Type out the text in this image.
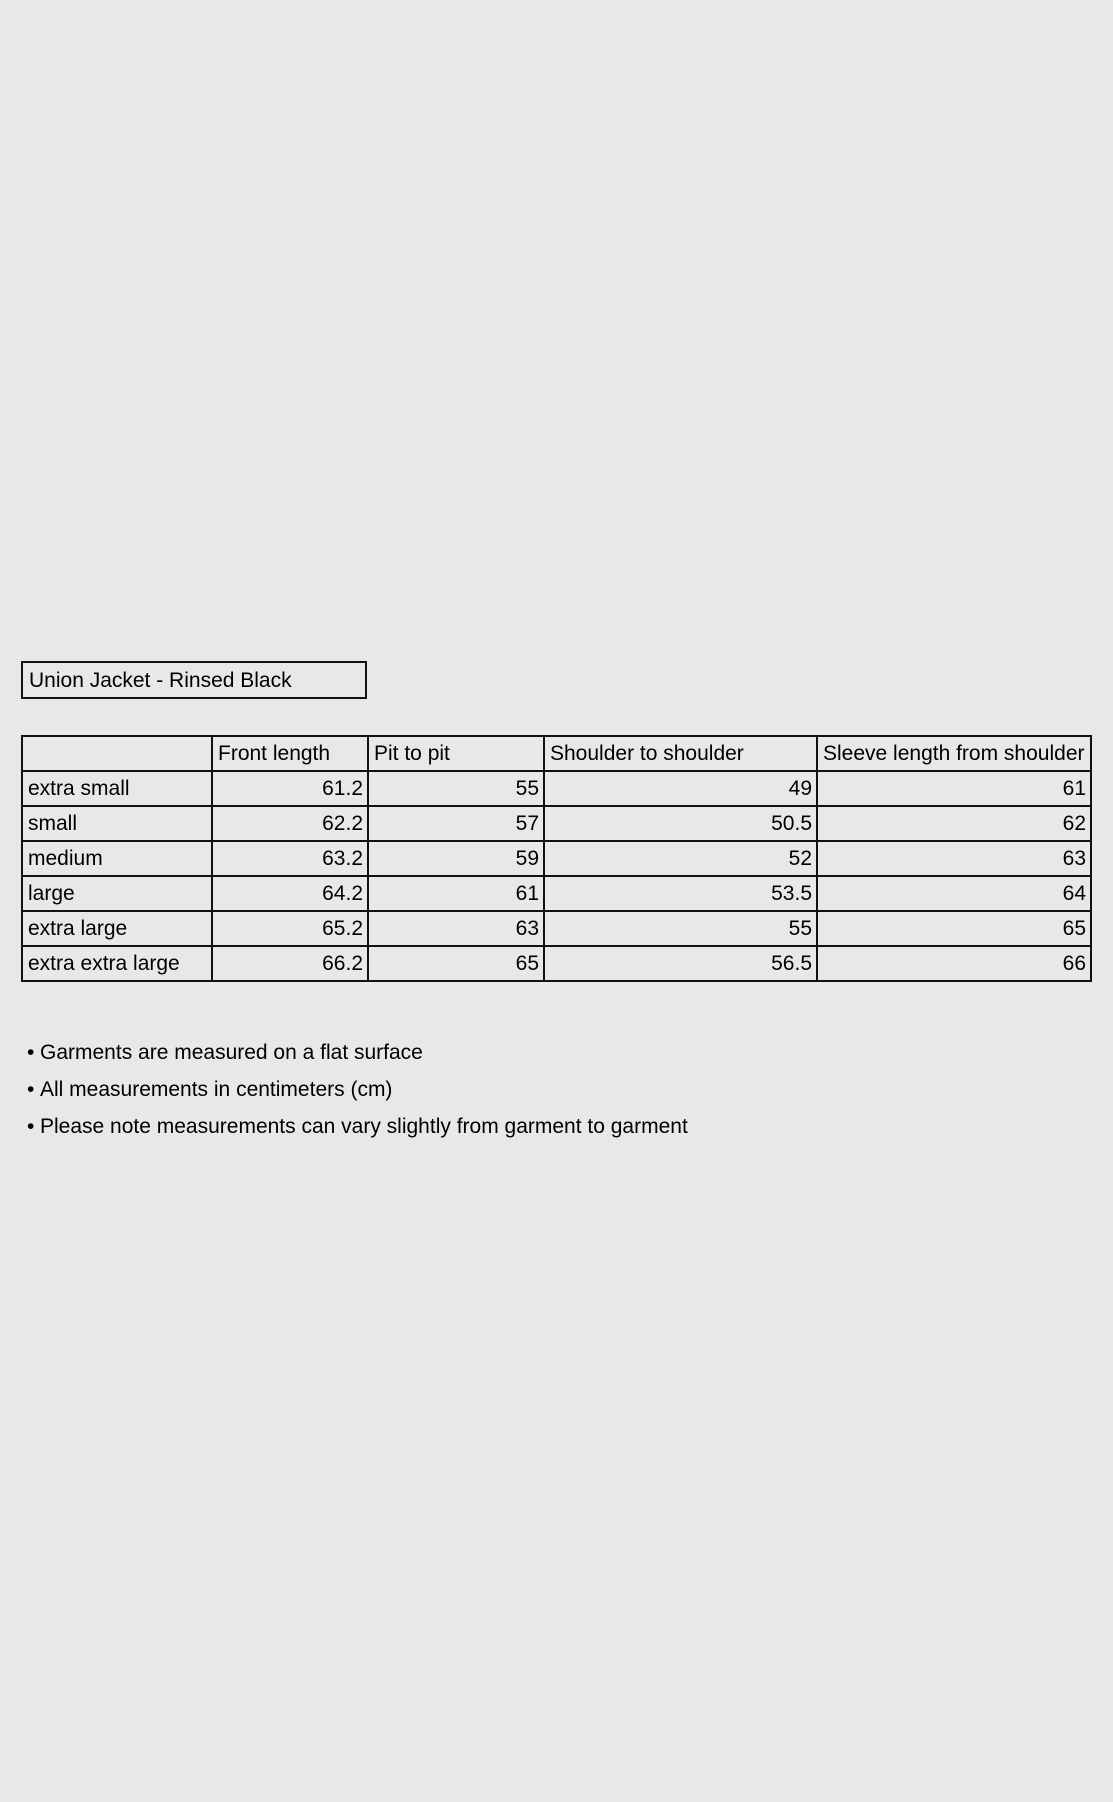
Union Jacket - Rinsed Black
	Front length	Pit to pit	Shoulder to shoulder	Sleeve length from shoulder
extra small	61.2	55	49	61
small	62.2	57	50.5	62
medium	63.2	59	52	63
large	64.2	61	53.5	64
extra large	65.2	63	55	65
extra extra large	66.2	65	56.5	66
• Garments are measured on a flat surface
• All measurements in centimeters (cm)
• Please note measurements can vary slightly from garment to garment
